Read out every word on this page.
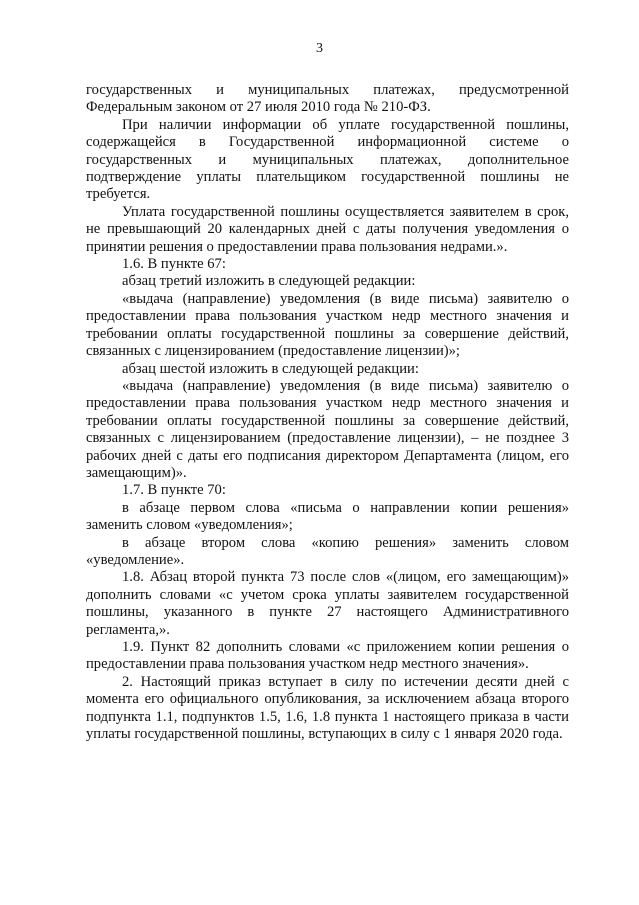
3

государственных и муниципальных платежах, предусмотренной Федеральным законом от 27 июля 2010 года № 210-ФЗ.

При наличии информации об уплате государственной пошлины, содержащейся в Государственной информационной системе о государственных и муниципальных платежах, дополнительное подтверждение уплаты плательщиком государственной пошлины не требуется.

Уплата государственной пошлины осуществляется заявителем в срок, не превышающий 20 календарных дней с даты получения уведомления о принятии решения о предоставлении права пользования недрами.».

1.6. В пункте 67:

абзац третий изложить в следующей редакции:

«выдача (направление) уведомления (в виде письма) заявителю о предоставлении права пользования участком недр местного значения и требовании оплаты государственной пошлины за совершение действий, связанных с лицензированием (предоставление лицензии)»;

абзац шестой изложить в следующей редакции:

«выдача (направление) уведомления (в виде письма) заявителю о предоставлении права пользования участком недр местного значения и требовании оплаты государственной пошлины за совершение действий, связанных с лицензированием (предоставление лицензии), – не позднее 3 рабочих дней с даты его подписания директором Департамента (лицом, его замещающим)».

1.7. В пункте 70:

в абзаце первом слова «письма о направлении копии решения» заменить словом «уведомления»;

в абзаце втором слова «копию решения» заменить словом «уведомление».

1.8. Абзац второй пункта 73 после слов «(лицом, его замещающим)» дополнить словами «с учетом срока уплаты заявителем государственной пошлины, указанного в пункте 27 настоящего Административного регламента,».

1.9. Пункт 82 дополнить словами «с приложением копии решения о предоставлении права пользования участком недр местного значения».

2. Настоящий приказ вступает в силу по истечении десяти дней с момента его официального опубликования, за исключением абзаца второго подпункта 1.1, подпунктов 1.5, 1.6, 1.8 пункта 1 настоящего приказа в части уплаты государственной пошлины, вступающих в силу с 1 января 2020 года.
